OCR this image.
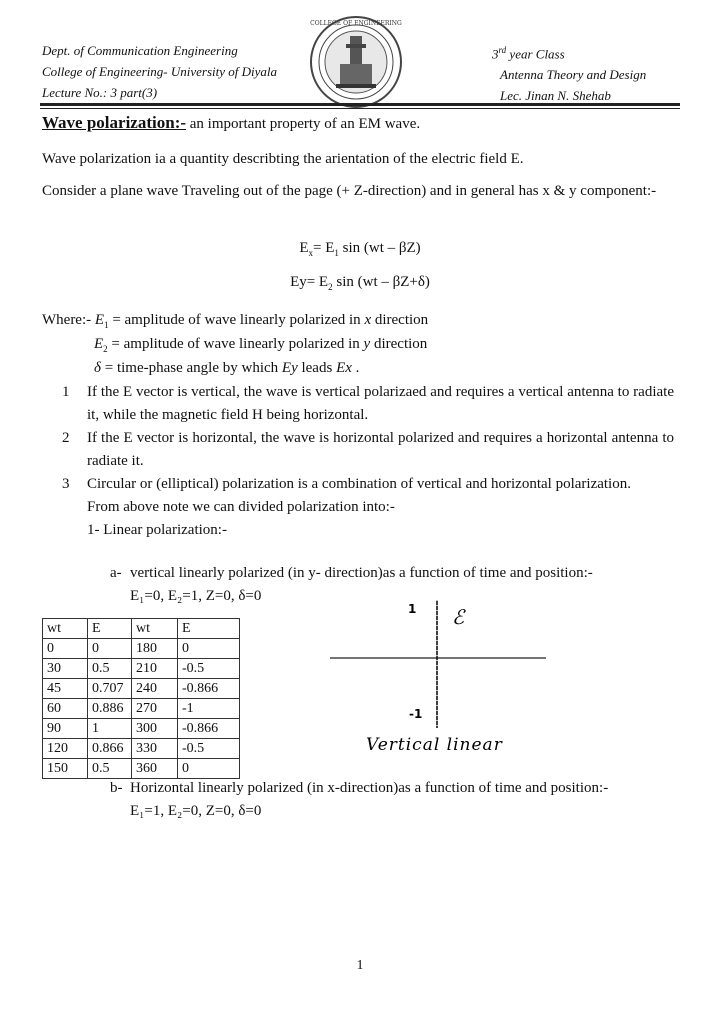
Dept. of Communication Engineering
College of Engineering- University of Diyala
Lecture No.: 3 part(3)
COLLEGE OF ENGINEERING
3rd year Class
Antenna Theory and Design
Lec. Jinan N. Shehab

Wave polarization:- an important property of an EM wave.

Wave polarization ia a quantity describting the arientation of the electric field E.

Consider a plane wave Traveling out of the page (+ Z-direction) and in general has x & y component:-

$E_x= E_1$ sin (wt – βZ)

$Ey= E_2$ sin (wt – βZ+δ)

Where:- $E_1$ = amplitude of wave linearly polarized in x direction
$E_2$ = amplitude of wave linearly polarized in y direction
δ = time-phase angle by which Ey leads Ex .
1 If the E vector is vertical, the wave is vertical polarizaed and requires a vertical antenna to radiate it, while the magnetic field H being horizontal.
2 If the E vector is horizontal, the wave is horizontal polarized and requires a horizontal antenna to radiate it.
3 Circular or (elliptical) polarization is a combination of vertical and horizontal polarization.
From above note we can divided polarization into:-
1- Linear polarization:-
a- vertical linearly polarized (in y- direction)as a function of time and position:-
E₁=0, E₂=1, Z=0, δ=0
wt	E	wt	E
0	0	180	0
30	0.5	210	-0.5
45	0.707	240	-0.866
60	0.886	270	-1
90	1	300	-0.866
120	0.866	330	-0.5
150	0.5	360	0
1
-1
ℰ
Vertical linear
b- Horizontal linearly polarized (in x-direction)as a function of time and position:-
E₁=1, E₂=0, Z=0, δ=0
1
